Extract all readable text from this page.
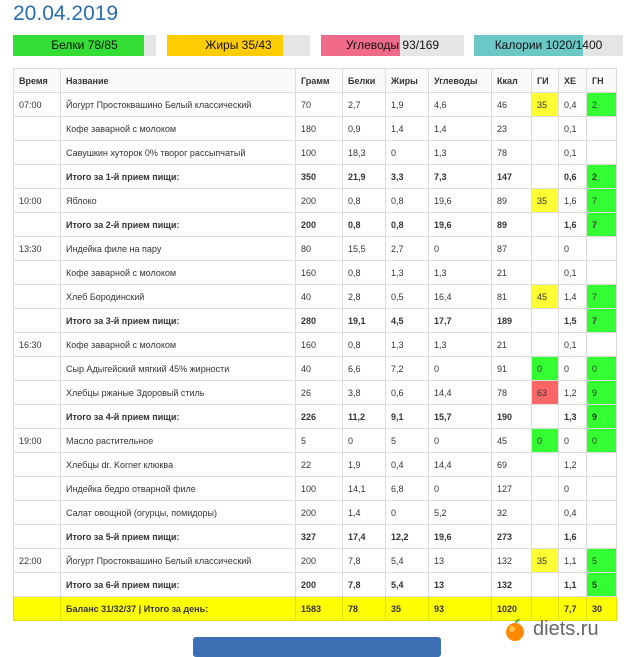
20.04.2019
Белки 78/85	Жиры 35/43	Углеводы 93/169	Калории 1020/1400
Время	Название	Грамм	Белки	Жиры	Углеводы	Ккал	ГИ	ХЕ	ГН
07:00	Йогурт Простоквашино Белый классический	70	2,7	1,9	4,6	46	35	0,4	2
	Кофе заварной с молоком	180	0,9	1,4	1,4	23		0,1	
	Савушкин хуторок 0% творог рассыпчатый	100	18,3	0	1,3	78		0,1	
	Итого за 1-й прием пищи:	350	21,9	3,3	7,3	147		0,6	2
10:00	Яблоко	200	0,8	0,8	19,6	89	35	1,6	7
	Итого за 2-й прием пищи:	200	0,8	0,8	19,6	89		1,6	7
13:30	Индейка филе на пару	80	15,5	2,7	0	87		0	
	Кофе заварной с молоком	160	0,8	1,3	1,3	21		0,1	
	Хлеб Бородинский	40	2,8	0,5	16,4	81	45	1,4	7
	Итого за 3-й прием пищи:	280	19,1	4,5	17,7	189		1,5	7
16:30	Кофе заварной с молоком	160	0,8	1,3	1,3	21		0,1	
	Сыр Адыгейский мягкий 45% жирности	40	6,6	7,2	0	91	0	0	0
	Хлебцы ржаные Здоровый стиль	26	3,8	0,6	14,4	78	63	1,2	9
	Итого за 4-й прием пищи:	226	11,2	9,1	15,7	190		1,3	9
19:00	Масло растительное	5	0	5	0	45	0	0	0
	Хлебцы dr. Korner клюква	22	1,9	0,4	14,4	69		1,2	
	Индейка бедро отварной филе	100	14,1	6,8	0	127		0	
	Салат овощной (огурцы, помидоры)	200	1,4	0	5,2	32		0,4	
	Итого за 5-й прием пищи:	327	17,4	12,2	19,6	273		1,6	
22:00	Йогурт Простоквашино Белый классический	200	7,8	5,4	13	132	35	1,1	5
	Итого за 6-й прием пищи:	200	7,8	5,4	13	132		1,1	5
	Баланс 31/32/37 | Итого за день:	1583	78	35	93	1020		7,7	30
diets.ru
